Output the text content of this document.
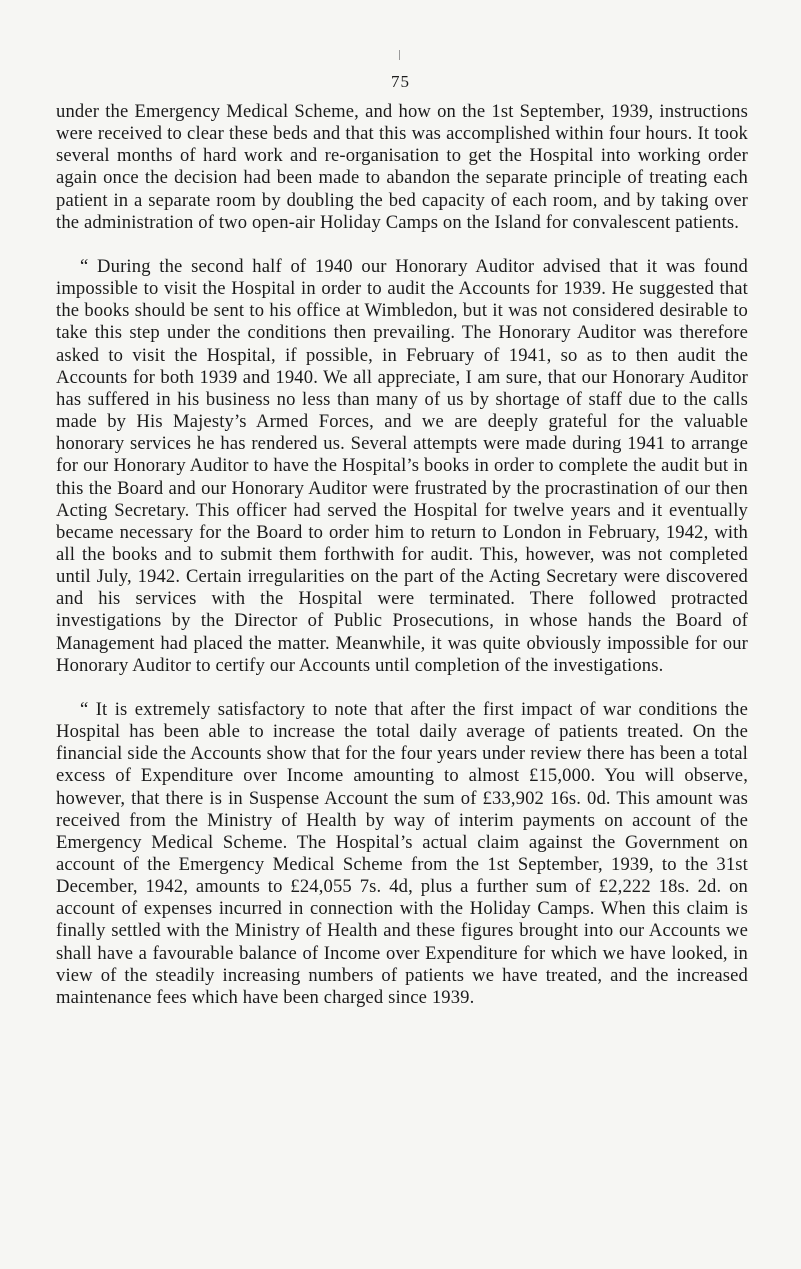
75

under the Emergency Medical Scheme, and how on the 1st September, 1939, instructions were received to clear these beds and that this was accomplished within four hours. It took several months of hard work and re-organisation to get the Hospital into working order again once the decision had been made to abandon the separate principle of treating each patient in a separate room by doubling the bed capacity of each room, and by taking over the administration of two open-air Holiday Camps on the Island for convalescent patients.

“ During the second half of 1940 our Honorary Auditor advised that it was found impossible to visit the Hospital in order to audit the Accounts for 1939. He suggested that the books should be sent to his office at Wimbledon, but it was not considered desirable to take this step under the conditions then prevailing. The Honorary Auditor was therefore asked to visit the Hospital, if possible, in February of 1941, so as to then audit the Accounts for both 1939 and 1940. We all appreciate, I am sure, that our Honorary Auditor has suffered in his business no less than many of us by shortage of staff due to the calls made by His Majesty’s Armed Forces, and we are deeply grateful for the valuable honorary services he has rendered us. Several attempts were made during 1941 to arrange for our Honorary Auditor to have the Hospital’s books in order to complete the audit but in this the Board and our Honorary Auditor were frustrated by the procrastination of our then Acting Secretary. This officer had served the Hospital for twelve years and it eventually became necessary for the Board to order him to return to London in February, 1942, with all the books and to submit them forthwith for audit. This, however, was not completed until July, 1942. Certain irregularities on the part of the Acting Secretary were discovered and his services with the Hospital were terminated. There followed protracted investigations by the Director of Public Prosecutions, in whose hands the Board of Management had placed the matter. Meanwhile, it was quite obviously impossible for our Honorary Auditor to certify our Accounts until completion of the investigations.

“ It is extremely satisfactory to note that after the first impact of war conditions the Hospital has been able to increase the total daily average of patients treated. On the financial side the Accounts show that for the four years under review there has been a total excess of Expenditure over Income amounting to almost £15,000. You will observe, however, that there is in Suspense Account the sum of £33,902 16s. 0d. This amount was received from the Ministry of Health by way of interim payments on account of the Emergency Medical Scheme. The Hospital’s actual claim against the Government on account of the Emergency Medical Scheme from the 1st September, 1939, to the 31st December, 1942, amounts to £24,055 7s. 4d, plus a further sum of £2,222 18s. 2d. on account of expenses incurred in connection with the Holiday Camps. When this claim is finally settled with the Ministry of Health and these figures brought into our Accounts we shall have a favourable balance of Income over Expenditure for which we have looked, in view of the steadily increasing numbers of patients we have treated, and the increased maintenance fees which have been charged since 1939.
